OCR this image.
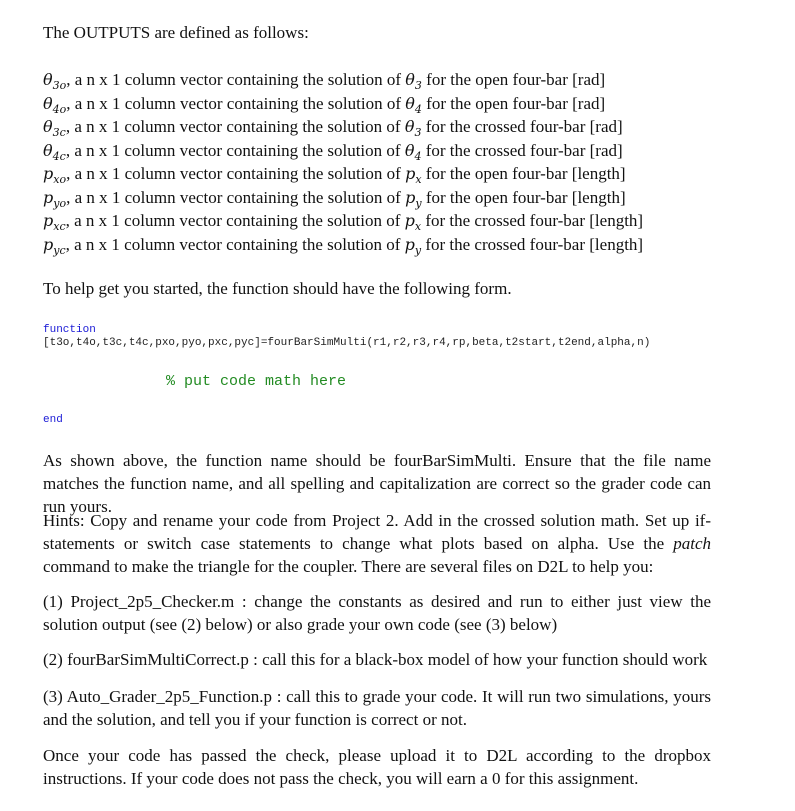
The OUTPUTS are defined as follows:
$\theta_{3o}$, a n x 1 column vector containing the solution of $\theta_3$ for the open four-bar [rad]
$\theta_{4o}$, a n x 1 column vector containing the solution of $\theta_4$ for the open four-bar [rad]
$\theta_{3c}$, a n x 1 column vector containing the solution of $\theta_3$ for the crossed four-bar [rad]
$\theta_{4c}$, a n x 1 column vector containing the solution of $\theta_4$ for the crossed four-bar [rad]
$p_{xo}$, a n x 1 column vector containing the solution of $p_x$ for the open four-bar [length]
$p_{yo}$, a n x 1 column vector containing the solution of $p_y$ for the open four-bar [length]
$p_{xc}$, a n x 1 column vector containing the solution of $p_x$ for the crossed four-bar [length]
$p_{yc}$, a n x 1 column vector containing the solution of $p_y$ for the crossed four-bar [length]
To help get you started, the function should have the following form.
function
[t3o,t4o,t3c,t4c,pxo,pyo,pxc,pyc]=fourBarSimMulti(r1,r2,r3,r4,rp,beta,t2start,t2end,alpha,n)
% put code math here
end
As shown above, the function name should be fourBarSimMulti. Ensure that the file name matches the function name, and all spelling and capitalization are correct so the grader code can run yours.
Hints: Copy and rename your code from Project 2. Add in the crossed solution math. Set up if-statements or switch case statements to change what plots based on alpha. Use the patch command to make the triangle for the coupler. There are several files on D2L to help you:
(1) Project_2p5_Checker.m : change the constants as desired and run to either just view the solution output (see (2) below) or also grade your own code (see (3) below)
(2) fourBarSimMultiCorrect.p : call this for a black-box model of how your function should work
(3) Auto_Grader_2p5_Function.p : call this to grade your code. It will run two simulations, yours and the solution, and tell you if your function is correct or not.
Once your code has passed the check, please upload it to D2L according to the dropbox instructions. If your code does not pass the check, you will earn a 0 for this assignment.
